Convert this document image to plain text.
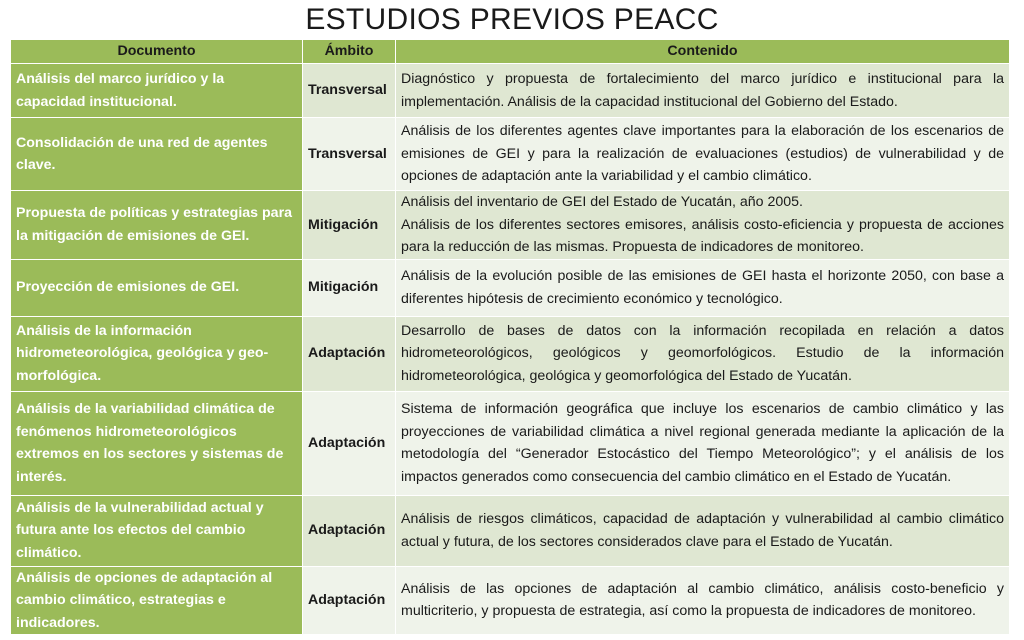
ESTUDIOS PREVIOS PEACC
Documento	Ámbito	Contenido
Análisis del marco jurídico y la capacidad institucional.	Transversal	Diagnóstico y propuesta de fortalecimiento del marco jurídico e institucional para la implementación. Análisis de la capacidad institucional del Gobierno del Estado.
Consolidación de una red de agentes clave.	Transversal	Análisis de los diferentes agentes clave importantes para la elaboración de los escenarios de emisiones de GEI y para la realización de evaluaciones (estudios) de vulnerabilidad y de opciones de adaptación ante la variabilidad y el cambio climático.
Propuesta de políticas y estrategias para la mitigación de emisiones de GEI.	Mitigación	Análisis del inventario de GEI del Estado de Yucatán, año 2005.
Análisis de los diferentes sectores emisores, análisis costo-eficiencia y propuesta de acciones para la reducción de las mismas. Propuesta de indicadores de monitoreo.
Proyección de emisiones de GEI.	Mitigación	Análisis de la evolución posible de las emisiones de GEI hasta el horizonte 2050, con base a diferentes hipótesis de crecimiento económico y tecnológico.
Análisis de la información hidrometeorológica, geológica y geo-morfológica.	Adaptación	Desarrollo de bases de datos con la información recopilada en relación a datos hidrometeorológicos, geológicos y geomorfológicos. Estudio de la información hidrometeorológica, geológica y geomorfológica del Estado de Yucatán.
Análisis de la variabilidad climática de fenómenos hidrometeorológicos extremos en los sectores y sistemas de interés.	Adaptación	Sistema de información geográfica que incluye los escenarios de cambio climático y las proyecciones de variabilidad climática a nivel regional generada mediante la aplicación de la metodología del “Generador Estocástico del Tiempo Meteorológico”; y el análisis de los impactos generados como consecuencia del cambio climático en el Estado de Yucatán.
Análisis de la vulnerabilidad actual y futura ante los efectos del cambio climático.	Adaptación	Análisis de riesgos climáticos, capacidad de adaptación y vulnerabilidad al cambio climático actual y futura, de los sectores considerados clave para el Estado de Yucatán.
Análisis de opciones de adaptación al cambio climático, estrategias e indicadores.	Adaptación	Análisis de las opciones de adaptación al cambio climático, análisis costo-beneficio y multicriterio, y propuesta de estrategia, así como la propuesta de indicadores de monitoreo.
